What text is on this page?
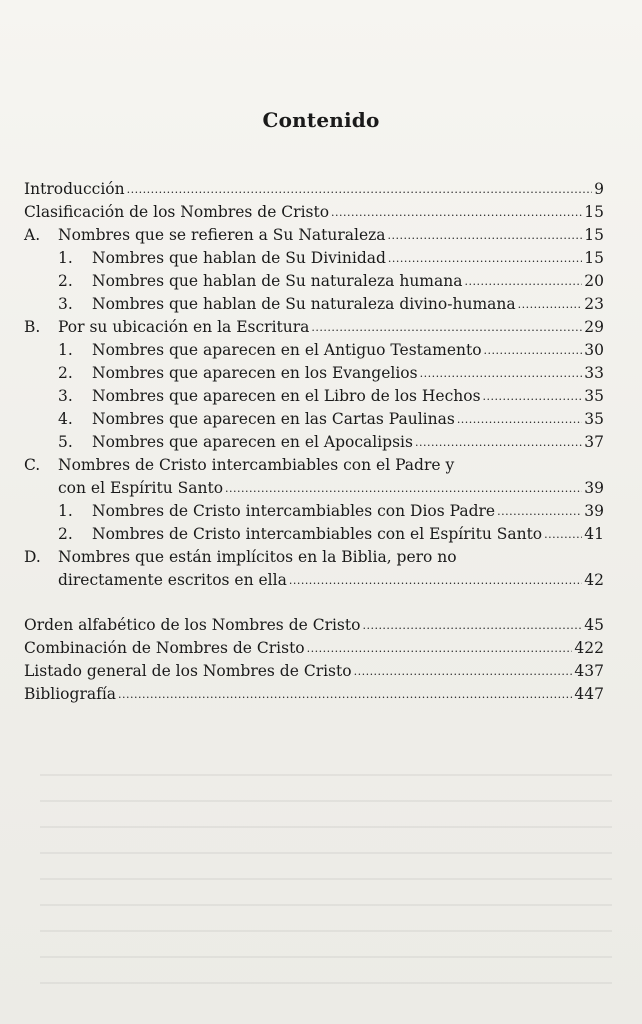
Contenido
Introducción .....	9
Clasificación de los Nombres de Cristo .....	15
A.	Nombres que se refieren a Su Naturaleza .....	15
1.	Nombres que hablan de Su Divinidad .....	15
2.	Nombres que hablan de Su naturaleza humana .....	20
3.	Nombres que hablan de Su naturaleza divino-humana .....	23
B.	Por su ubicación en la Escritura .....	29
1.	Nombres que aparecen en el Antiguo Testamento .....	30
2.	Nombres que aparecen en los Evangelios .....	33
3.	Nombres que aparecen en el Libro de los Hechos .....	35
4.	Nombres que aparecen en las Cartas Paulinas .....	35
5.	Nombres que aparecen en el Apocalipsis .....	37
C.	Nombres de Cristo intercambiables con el Padre y
con el Espíritu Santo .....	39
1.	Nombres de Cristo intercambiables con Dios Padre .....	39
2.	Nombres de Cristo intercambiables con el Espíritu Santo .....	41
D.	Nombres que están implícitos en la Biblia, pero no
directamente escritos en ella .....	42
Orden alfabético de los Nombres de Cristo .....	45
Combinación de Nombres de Cristo .....	422
Listado general de los Nombres de Cristo .....	437
Bibliografía .....	447
